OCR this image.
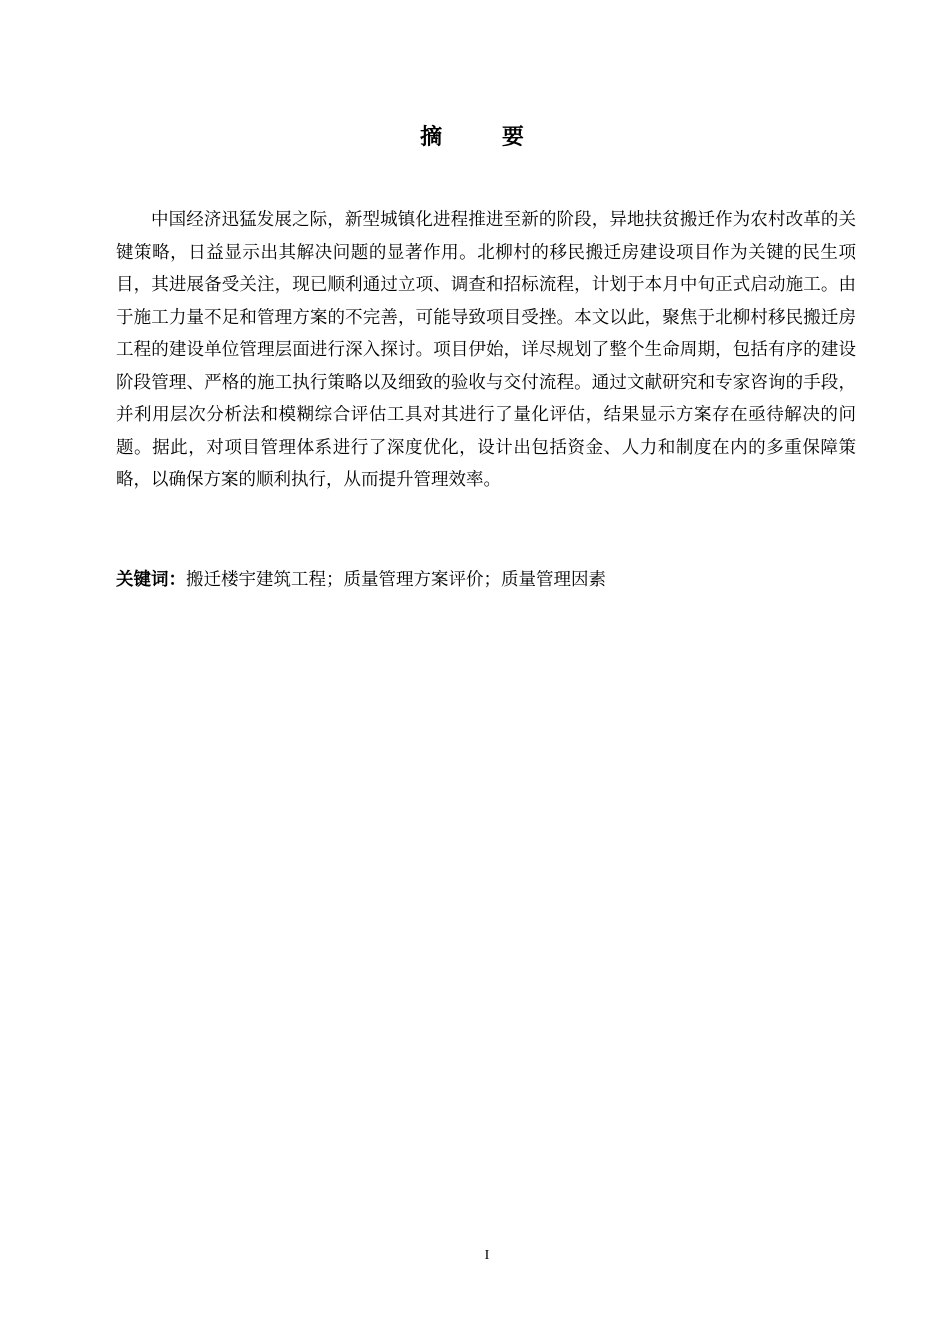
摘 要

中国经济迅猛发展之际，新型城镇化进程推进至新的阶段，异地扶贫搬迁作为农村改革的关键策略，日益显示出其解决问题的显著作用。北柳村的移民搬迁房建设项目作为关键的民生项目，其进展备受关注，现已顺利通过立项、调查和招标流程，计划于本月中旬正式启动施工。由于施工力量不足和管理方案的不完善，可能导致项目受挫。本文以此，聚焦于北柳村移民搬迁房工程的建设单位管理层面进行深入探讨。项目伊始，详尽规划了整个生命周期，包括有序的建设阶段管理、严格的施工执行策略以及细致的验收与交付流程。通过文献研究和专家咨询的手段，并利用层次分析法和模糊综合评估工具对其进行了量化评估，结果显示方案存在亟待解决的问题。据此，对项目管理体系进行了深度优化，设计出包括资金、人力和制度在内的多重保障策略，以确保方案的顺利执行，从而提升管理效率。

关键词：搬迁楼宇建筑工程；质量管理方案评价；质量管理因素

I
